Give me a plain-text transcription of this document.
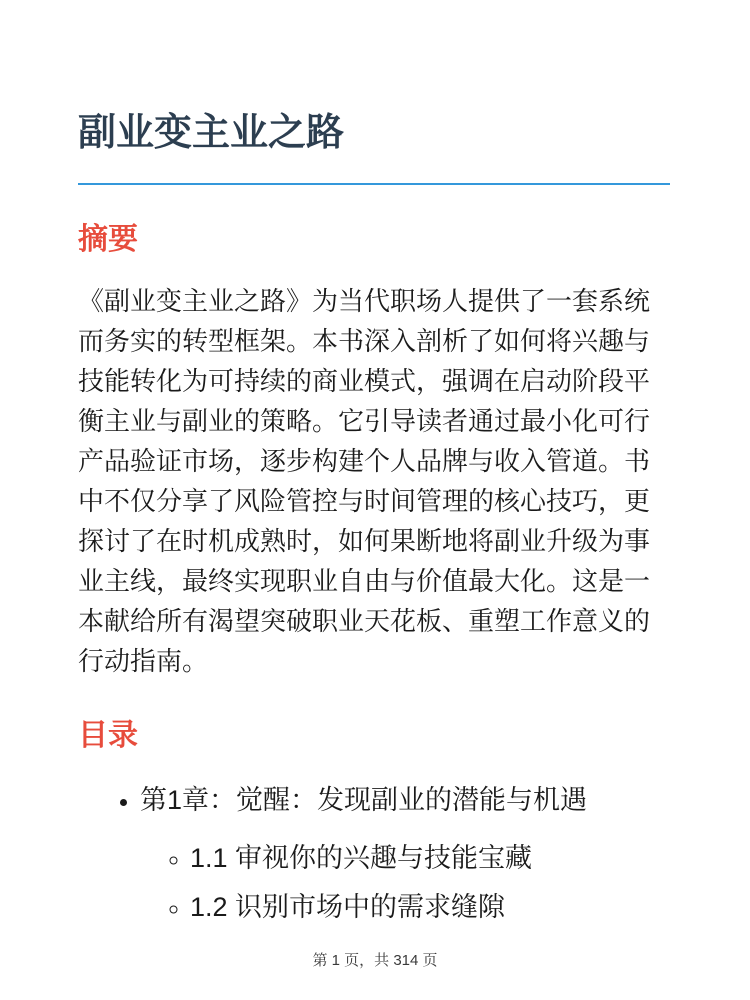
副业变主业之路
摘要

《副业变主业之路》为当代职场人提供了一套系统而务实的转型框架。本书深入剖析了如何将兴趣与技能转化为可持续的商业模式，强调在启动阶段平衡主业与副业的策略。它引导读者通过最小化可行产品验证市场，逐步构建个人品牌与收入管道。书中不仅分享了风险管控与时间管理的核心技巧，更探讨了在时机成熟时，如何果断地将副业升级为事业主线，最终实现职业自由与价值最大化。这是一本献给所有渴望突破职业天花板、重塑工作意义的行动指南。

目录
• 第1章：觉醒：发现副业的潜能与机遇
◦ 1.1 审视你的兴趣与技能宝藏
◦ 1.2 识别市场中的需求缝隙
第 1 页，共 314 页
